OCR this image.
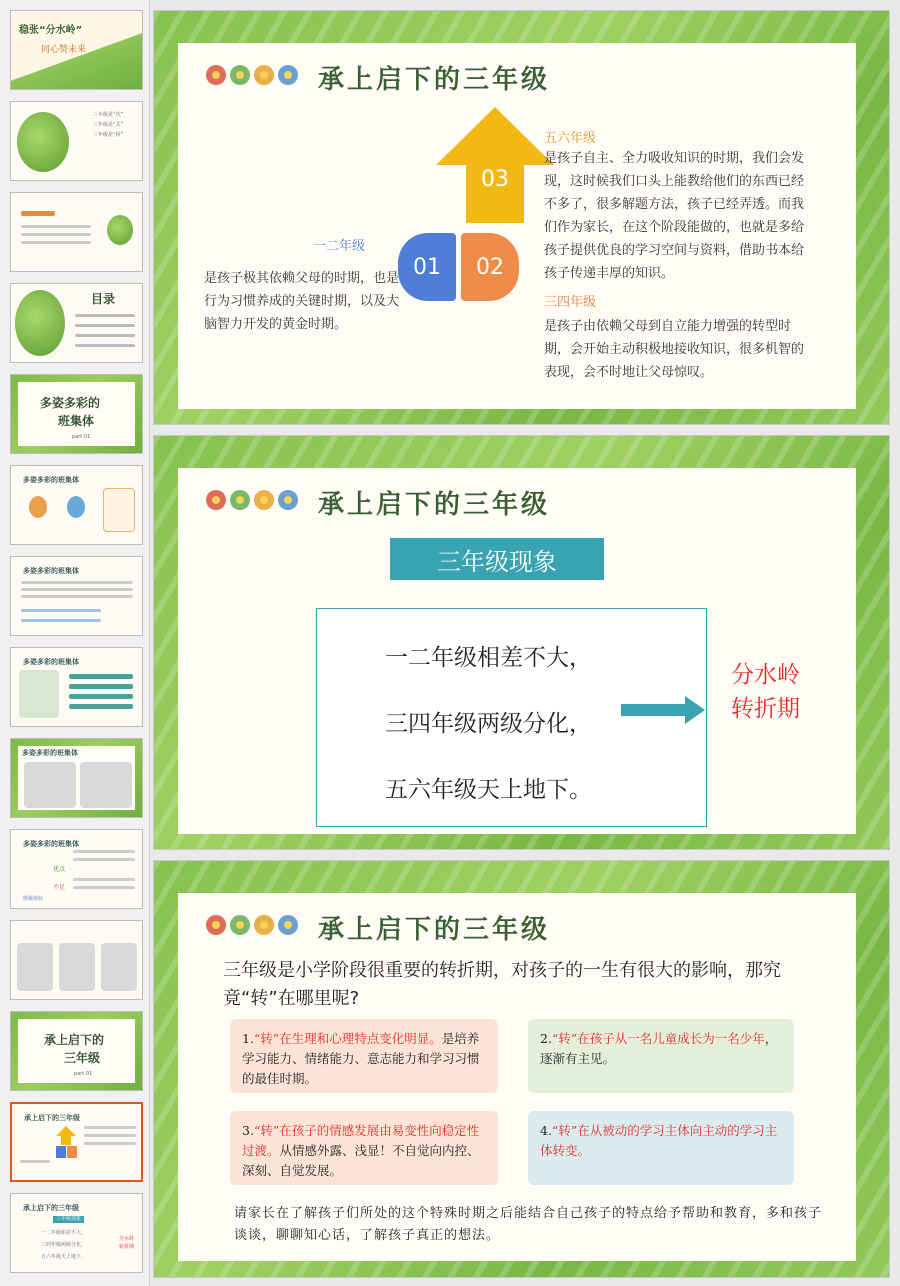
稳张“分水岭”
同心赞未来
三年级是“坎”
三年级是“关”
三年级是“桥”
目录
多姿多彩的
班集体
part.01
多姿多彩的班集体
多姿多彩的班集体
多姿多彩的班集体
多姿多彩的班集体
多姿多彩的班集体
优点
不足
班级现状
承上启下的
三年级
part.01
承上启下的三年级
承上启下的三年级
三年级现象
一二年级相差不大，
三四年级两级分化，
五六年级天上地下。
分水岭
转折期
承上启下的三年级
03
01	02
一二年级
是孩子极其依赖父母的时期，也是行为习惯养成的关键时期，以及大脑智力开发的黄金时期。
五六年级
是孩子自主、全力吸收知识的时期，我们会发现，这时候我们口头上能教给他们的东西已经不多了，很多解题方法，孩子已经弄透。而我们作为家长，在这个阶段能做的，也就是多给孩子提供优良的学习空间与资料，借助书本给孩子传递丰厚的知识。
三四年级
是孩子由依赖父母到自立能力增强的转型时期，会开始主动积极地接收知识，很多机智的表现，会不时地让父母惊叹。
承上启下的三年级
一二年级相差不大，
三四年级两级分化，
五六年级天上地下。
三年级现象
分水岭
转折期
承上启下的三年级
三年级是小学阶段很重要的转折期，对孩子的一生有很大的影响，那究竟“转”在哪里呢?
1.“转”在生理和心理特点变化明显。是培养学习能力、情绪能力、意志能力和学习习惯的最佳时期。
2.“转”在孩子从一名儿童成长为一名少年，逐渐有主见。
3.“转”在孩子的情感发展由易变性向稳定性过渡。从情感外露、浅显！不自觉向内控、深刻、自觉发展。
4.“转”在从被动的学习主体向主动的学习主体转变。
请家长在了解孩子们所处的这个特殊时期之后能结合自己孩子的特点给予帮助和教育，多和孩子谈谈，聊聊知心话，了解孩子真正的想法。
